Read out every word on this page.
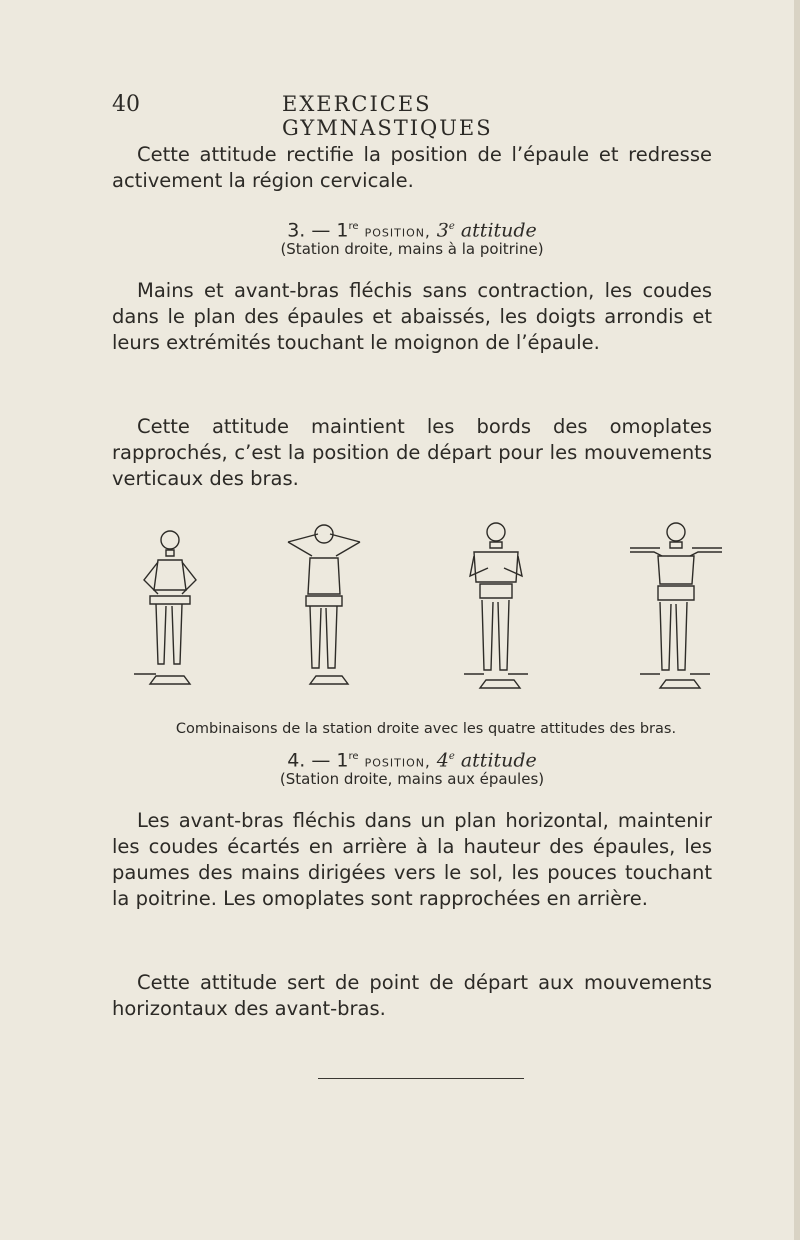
40	EXERCICES GYMNASTIQUES

Cette attitude rectifie la position de l’épaule et redresse activement la région cervicale.

3. — 1re position, 3e attitude

(Station droite, mains à la poitrine)

Mains et avant-bras fléchis sans contraction, les coudes dans le plan des épaules et abaissés, les doigts arrondis et leurs extrémités touchant le moignon de l’épaule.

Cette attitude maintient les bords des omoplates rapprochés, c’est la position de départ pour les mouvements verticaux des bras.

Combinaisons de la station droite avec les quatre attitudes des bras.

4. — 1re position, 4e attitude

(Station droite, mains aux épaules)

Les avant-bras fléchis dans un plan horizontal, maintenir les coudes écartés en arrière à la hauteur des épaules, les paumes des mains dirigées vers le sol, les pouces touchant la poitrine. Les omoplates sont rapprochées en arrière.

Cette attitude sert de point de départ aux mouvements horizontaux des avant-bras.
